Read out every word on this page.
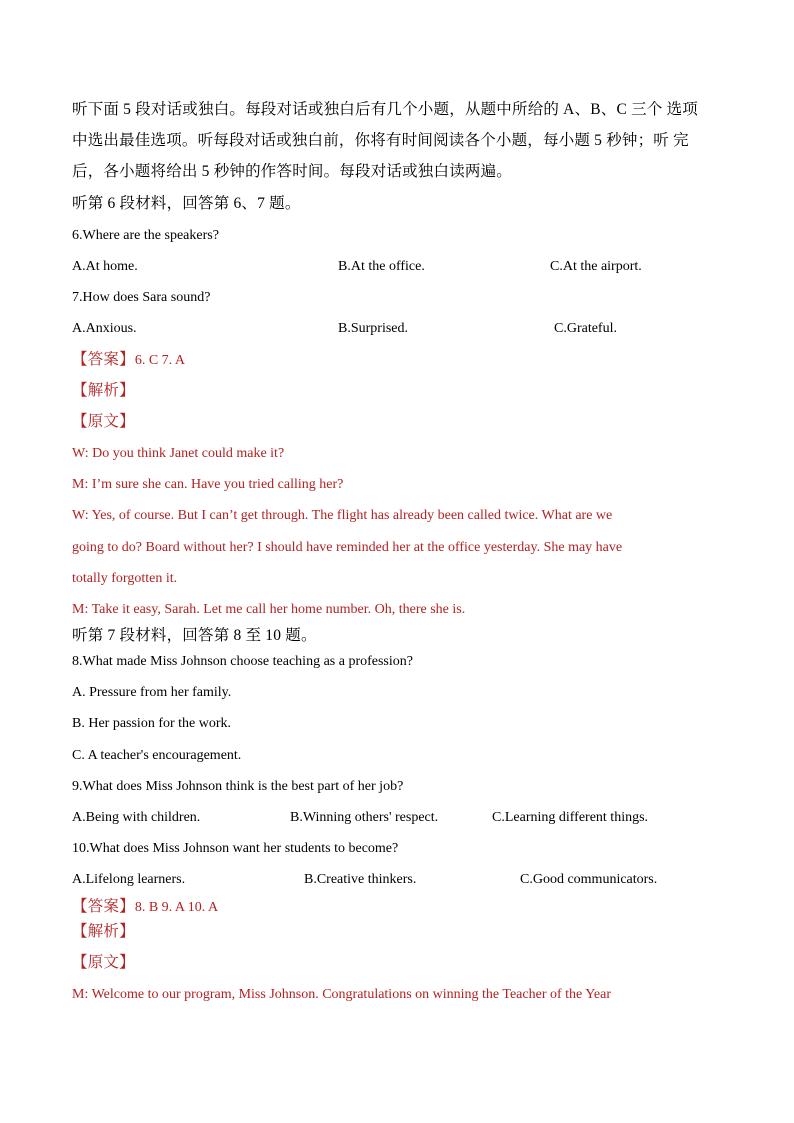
听下面 5 段对话或独白。每段对话或独白后有几个小题，从题中所给的 A、B、C 三个 选项
中选出最佳选项。听每段对话或独白前，你将有时间阅读各个小题，每小题 5 秒钟；听 完
后，各小题将给出 5 秒钟的作答时间。每段对话或独白读两遍。
听第 6 段材料，回答第 6、7 题。
6.Where are the speakers?
A.At home.	B.At the office.	C.At the airport.
7.How does Sara sound?
A.Anxious.	B.Surprised.	C.Grateful.
【答案】6. C 7. A
【解析】
【原文】
W: Do you think Janet could make it?
M: I’m sure she can. Have you tried calling her?
W: Yes, of course. But I can’t get through. The flight has already been called twice. What are we
going to do? Board without her? I should have reminded her at the office yesterday. She may have
totally forgotten it.
M: Take it easy, Sarah. Let me call her home number. Oh, there she is.
听第 7 段材料，回答第 8 至 10 题。
8.What made Miss Johnson choose teaching as a profession?
A. Pressure from her family.
B. Her passion for the work.
C. A teacher's encouragement.
9.What does Miss Johnson think is the best part of her job?
A.Being with children.	B.Winning others' respect.	C.Learning different things.
10.What does Miss Johnson want her students to become?
A.Lifelong learners.	B.Creative thinkers.	C.Good communicators.
【答案】8. B 9. A 10. A
【解析】
【原文】
M: Welcome to our program, Miss Johnson. Congratulations on winning the Teacher of the Year
